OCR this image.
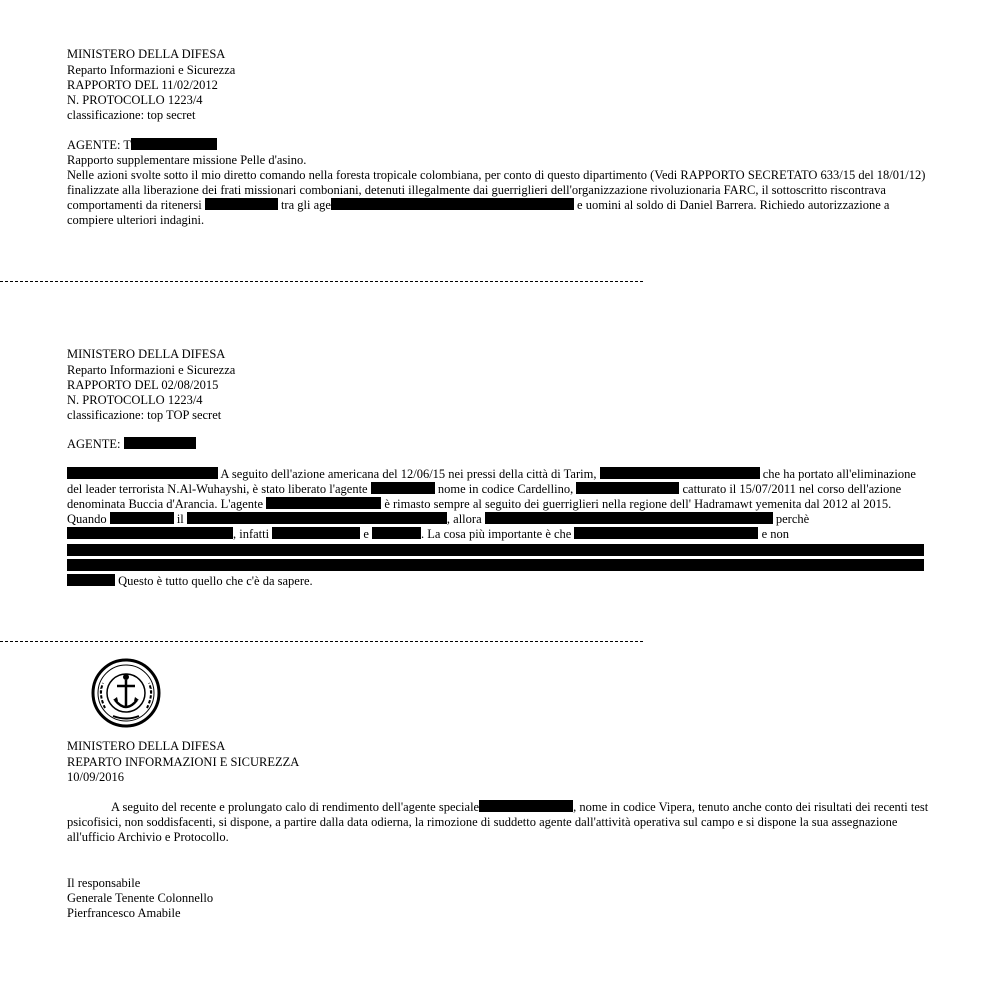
MINISTERO DELLA DIFESA
Reparto Informazioni e Sicurezza
RAPPORTO DEL 11/02/2012
N. PROTOCOLLO 1223/4
classificazione: top secret
AGENTE: T
Rapporto supplementare missione Pelle d'asino.
Nelle azioni svolte sotto il mio diretto comando nella foresta tropicale colombiana, per conto di questo dipartimento (Vedi RAPPORTO SECRETATO 633/15 del 18/01/12) finalizzate alla liberazione dei frati missionari comboniani, detenuti illegalmente dai guerriglieri dell'organizzazione rivoluzionaria FARC, il sottoscritto riscontrava comportamenti da ritenersi	tra gli age	e uomini al soldo di Daniel Barrera. Richiedo autorizzazione a compiere ulteriori indagini.
MINISTERO DELLA DIFESA
Reparto Informazioni e Sicurezza
RAPPORTO DEL 02/08/2015
N. PROTOCOLLO 1223/4
classificazione: top TOP secret
AGENTE:
A seguito dell'azione americana del 12/06/15 nei pressi della città di Tarim,	che ha portato all'eliminazione del leader terrorista N.Al-Wuhayshi, è stato liberato l'agente	nome in codice Cardellino,	catturato il 15/07/2011 nel corso dell'azione denominata Buccia d'Arancia. L'agente	è rimasto sempre al seguito dei guerriglieri nella regione dell' Hadramawt yemenita dal 2012 al 2015. Quando	il	, allora	perchè , infatti	e	. La cosa più importante è che	e non
Questo è tutto quello che c'è da sapere.
MINISTERO DELLA DIFESA
REPARTO INFORMAZIONI E SICUREZZA
10/09/2016
A seguito del recente e prolungato calo di rendimento dell'agente speciale	, nome in codice Vipera, tenuto anche conto dei risultati dei recenti test psicofisici, non soddisfacenti, si dispone, a partire dalla data odierna, la rimozione di suddetto agente dall'attività operativa sul campo e si dispone la sua assegnazione all'ufficio Archivio e Protocollo.
Il responsabile
Generale Tenente Colonnello
Pierfrancesco Amabile
